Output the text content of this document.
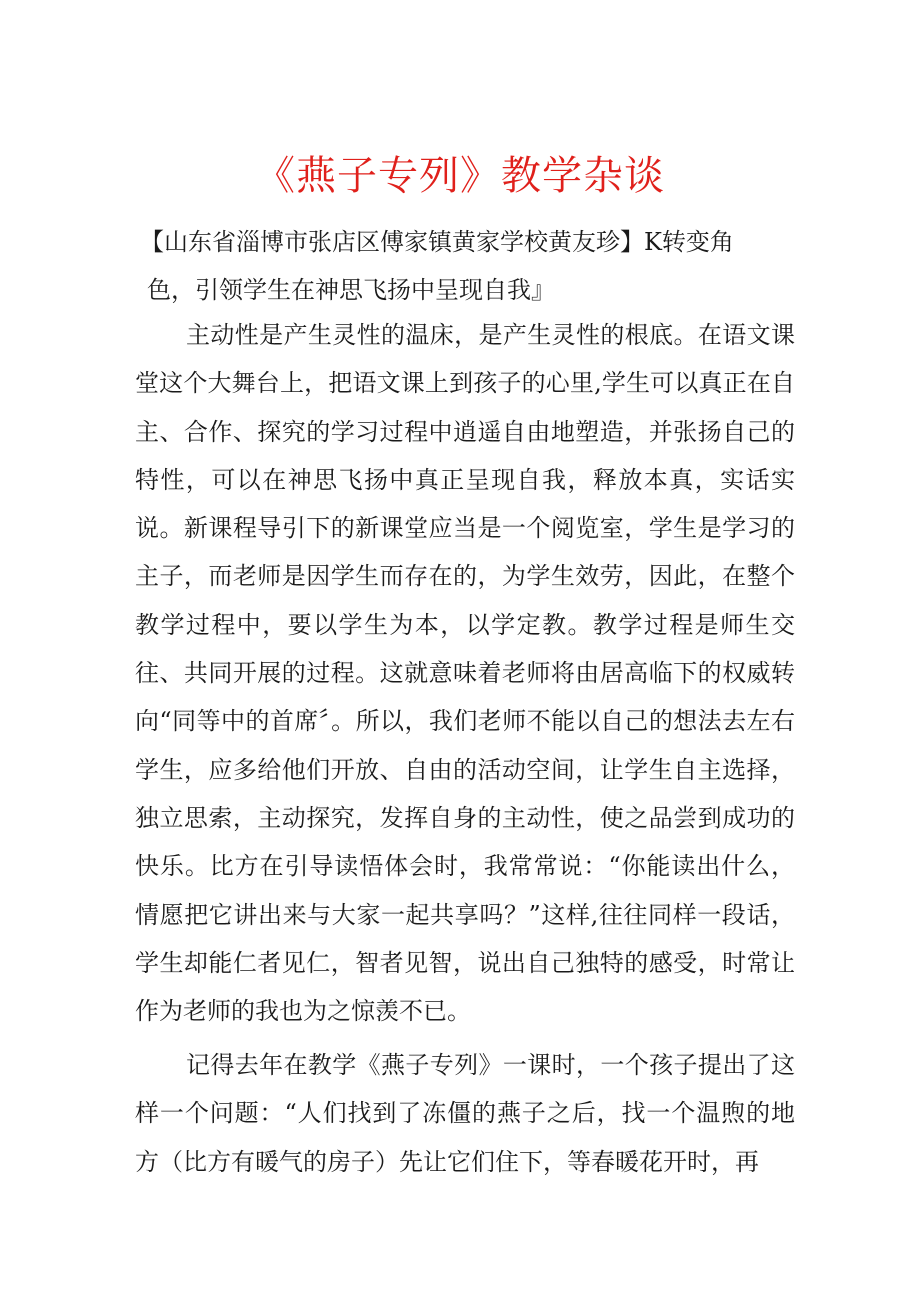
《燕子专列》教学杂谈

【山东省淄博市张店区傅家镇黄家学校黄友珍】K转变角
色，引领学生在神思飞扬中呈现自我』

主动性是产生灵性的温床，是产生灵性的根底。在语文课堂这个大舞台上，把语文课上到孩子的心里,学生可以真正在自主、合作、探究的学习过程中逍遥自由地塑造，并张扬自己的特性，可以在神思飞扬中真正呈现自我，释放本真，实话实说。新课程导引下的新课堂应当是一个阅览室，学生是学习的主子，而老师是因学生而存在的，为学生效劳，因此，在整个教学过程中，要以学生为本，以学定教。教学过程是师生交往、共同开展的过程。这就意味着老师将由居高临下的权威转向“同等中的首席〞。所以，我们老师不能以自己的想法去左右学生，应多给他们开放、自由的活动空间，让学生自主选择，独立思索，主动探究，发挥自身的主动性，使之品尝到成功的快乐。比方在引导读悟体会时，我常常说：“你能读出什么，情愿把它讲出来与大家一起共享吗？”这样,往往同样一段话，学生却能仁者见仁，智者见智，说出自己独特的感受，时常让作为老师的我也为之惊羡不已。

记得去年在教学《燕子专列》一课时，一个孩子提出了这样一个问题：“人们找到了冻僵的燕子之后，找一个温煦的地方（比方有暖气的房子）先让它们住下，等春暖花开时，再
